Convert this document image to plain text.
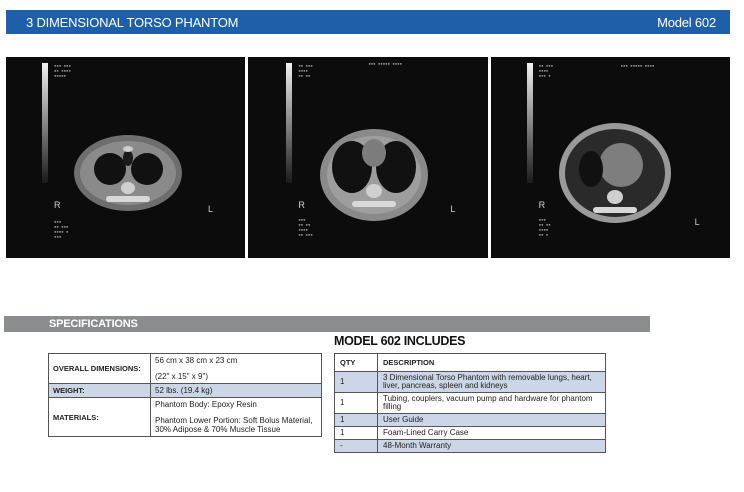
3 DIMENSIONAL TORSO PHANTOM	Model 602
▪▪▪ ▪▪▪
▪▪ ▪▪▪▪
▪▪▪▪▪
▪▪▪
▪▪ ▪▪▪
▪▪▪▪ ▪
▪▪▪
R	L
▪▪ ▪▪▪
▪▪▪▪
▪▪ ▪▪
▪▪▪ ▪▪▪▪▪ ▪▪▪▪
▪▪▪
▪▪ ▪▪
▪▪▪▪
▪▪ ▪▪▪
R	L
▪▪ ▪▪▪
▪▪▪▪
▪▪▪ ▪
▪▪▪ ▪▪▪▪▪ ▪▪▪▪
▪▪▪
▪▪ ▪▪
▪▪▪▪
▪▪ ▪
R
L
SPECIFICATIONS
OVERALL DIMENSIONS:	56 cm x 38 cm x 23 cm
(22" x 15" x 9")

WEIGHT:	52 lbs. (19.4 kg)
MATERIALS:	Phantom Body: Epoxy Resin
Phantom Lower Portion: Soft Bolus Material, 30% Adipose & 70% Muscle Tissue
MODEL 602 INCLUDES
QTY	DESCRIPTION
1	3 Dimensional Torso Phantom with removable lungs, heart, liver, pancreas, spleen and kidneys
1	Tubing, couplers, vacuum pump and hardware for phantom filling
1	User Guide
1	Foam-Lined Carry Case
-	48-Month Warranty
